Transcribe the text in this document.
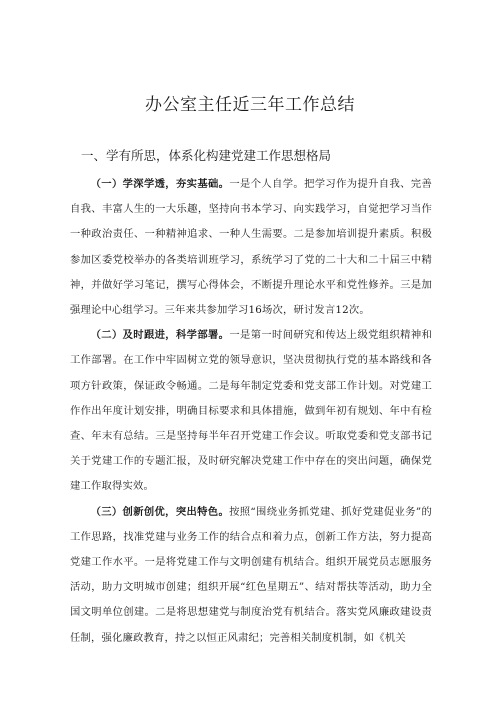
办公室主任近三年工作总结
一、学有所思，体系化构建党建工作思想格局

（一）学深学透，夯实基础。一是个人自学。把学习作为提升自我、完善自我、丰富人生的一大乐趣，坚持向书本学习、向实践学习，自觉把学习当作一种政治责任、一种精神追求、一种人生需要。二是参加培训提升素质。积极参加区委党校举办的各类培训班学习，系统学习了党的二十大和二十届三中精神，并做好学习笔记，撰写心得体会，不断提升理论水平和党性修养。三是加强理论中心组学习。三年来共参加学习16场次，研讨发言12次。

（二）及时跟进，科学部署。一是第一时间研究和传达上级党组织精神和工作部署。在工作中牢固树立党的领导意识，坚决贯彻执行党的基本路线和各项方针政策，保证政令畅通。二是每年制定党委和党支部工作计划。对党建工作作出年度计划安排，明确目标要求和具体措施，做到年初有规划、年中有检查、年末有总结。三是坚持每半年召开党建工作会议。听取党委和党支部书记关于党建工作的专题汇报，及时研究解决党建工作中存在的突出问题，确保党建工作取得实效。

（三）创新创优，突出特色。按照“围绕业务抓党建、抓好党建促业务”的工作思路，找准党建与业务工作的结合点和着力点，创新工作方法，努力提高党建工作水平。一是将党建工作与文明创建有机结合。组织开展党员志愿服务活动，助力文明城市创建；组织开展“红色星期五”、结对帮扶等活动，助力全国文明单位创建。二是将思想建党与制度治党有机结合。落实党风廉政建设责任制，强化廉政教育，持之以恒正风肃纪；完善相关制度机制，如《机关
